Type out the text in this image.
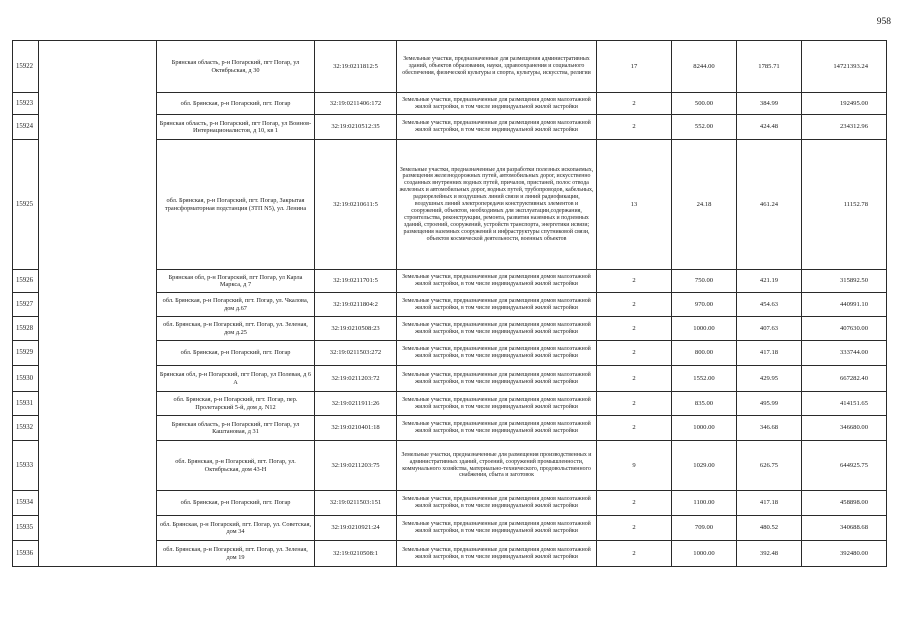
958
15922		Брянская область, р-н Погарский, пгт Погар, ул Октябрьская, д 30	32:19:0211812:5	Земельные участки, предназначенные для размещения административных зданий, объектов образования, науки, здравоохранения и социального обеспечения, физической культуры и спорта, культуры, искусства, религии	17	8244.00	1785.71	14721393.24
15923		обл. Брянская, р-н Погарский, пгт. Погар	32:19:0211406:172	Земельные участки, предназначенные для размещения домов малоэтажной жилой застройки, в том числе индивидуальной жилой застройки	2	500.00	384.99	192495.00
15924		Брянская область, р-н Погарский, пгт Погар, ул Воинов-Интернационалистов, д 10, кв 1	32:19:0210512:35	Земельные участки, предназначенные для размещения домов малоэтажной жилой застройки, в том числе индивидуальной жилой застройки	2	552.00	424.48	234312.96
15925		обл. Брянская, р-н Погарский, пгт. Погар, Закрытая трансформаторная подстанция (ЗТП N5), ул. Ленина	32:19:0210611:5	Земельные участки, предназначенные для разработки полезных ископаемых, размещения железнодорожных путей, автомобильных дорог, искусственно созданных внутренних водных путей, причалов, пристаней, полос отвода железных и автомобильных дорог, водных путей, трубопроводов, кабельных, радиорелейных и воздушных линий связи и линий радиофикации, воздушных линий электропередачи конструктивных элементов и сооружений, объектов, необходимых для эксплуатации,содержания, строительства, реконструкции, ремонта, развития наземных и подземных зданий, строений, сооружений, устройств транспорта, энергетики исвязи; размещения наземных сооружений и инфраструктуры спутниковой связи, объектов космической деятельности, военных объектов	13	24.18	461.24	11152.78
15926		Брянская обл, р-н Погарский, пгт Погар, ул Карла Маркса, д 7	32:19:0211701:5	Земельные участки, предназначенные для размещения домов малоэтажной жилой застройки, в том числе индивидуальной жилой застройки	2	750.00	421.19	315892.50
15927		обл. Брянская, р-н Погарский, пгт. Погар, ул. Чкалова, дом д.67	32:19:0211804:2	Земельные участки, предназначенные для размещения домов малоэтажной жилой застройки, в том числе индивидуальной жилой застройки	2	970.00	454.63	440991.10
15928		обл. Брянская, р-н Погарский, пгт. Погар, ул. Зеленая, дом д.25	32:19:0210508:23	Земельные участки, предназначенные для размещения домов малоэтажной жилой застройки, в том числе индивидуальной жилой застройки	2	1000.00	407.63	407630.00
15929		обл. Брянская, р-н Погарский, пгт. Погар	32:19:0211503:272	Земельные участки, предназначенные для размещения домов малоэтажной жилой застройки, в том числе индивидуальной жилой застройки	2	800.00	417.18	333744.00
15930		Брянская обл, р-н Погарский, пгт Погар, ул Полевая, д 6 А	32:19:0211203:72	Земельные участки, предназначенные для размещения домов малоэтажной жилой застройки, в том числе индивидуальной жилой застройки	2	1552.00	429.95	667282.40
15931		обл. Брянская, р-н Погарский, пгт. Погар, пер. Пролетарский 5-й, дом д. N12	32:19:0211911:26	Земельные участки, предназначенные для размещения домов малоэтажной жилой застройки, в том числе индивидуальной жилой застройки	2	835.00	495.99	414151.65
15932		Брянская область, р-н Погарский, пгт Погар, ул Каштановая, д 31	32:19:0210401:18	Земельные участки, предназначенные для размещения домов малоэтажной жилой застройки, в том числе индивидуальной жилой застройки	2	1000.00	346.68	346680.00
15933		обл. Брянская, р-н Погарский, пгт. Погар, ул. Октябрьская, дом 43-Н	32:19:0211203:75	Земельные участки, предназначенные для размещения производственных и административных зданий, строений, сооружений промышленности, коммунального хозяйства, материально-технического, продовольственного снабжения, сбыта и заготовок	9	1029.00	626.75	644925.75
15934		обл. Брянская, р-н Погарский, пгт. Погар	32:19:0211503:151	Земельные участки, предназначенные для размещения домов малоэтажной жилой застройки, в том числе индивидуальной жилой застройки	2	1100.00	417.18	458898.00
15935		обл. Брянская, р-н Погарский, пгт. Погар, ул. Советская, дом 34	32:19:0210921:24	Земельные участки, предназначенные для размещения домов малоэтажной жилой застройки, в том числе индивидуальной жилой застройки	2	709.00	480.52	340688.68
15936		обл. Брянская, р-н Погарский, пгт. Погар, ул. Зеленая, дом 19	32:19:0210508:1	Земельные участки, предназначенные для размещения домов малоэтажной жилой застройки, в том числе индивидуальной жилой застройки	2	1000.00	392.48	392480.00
